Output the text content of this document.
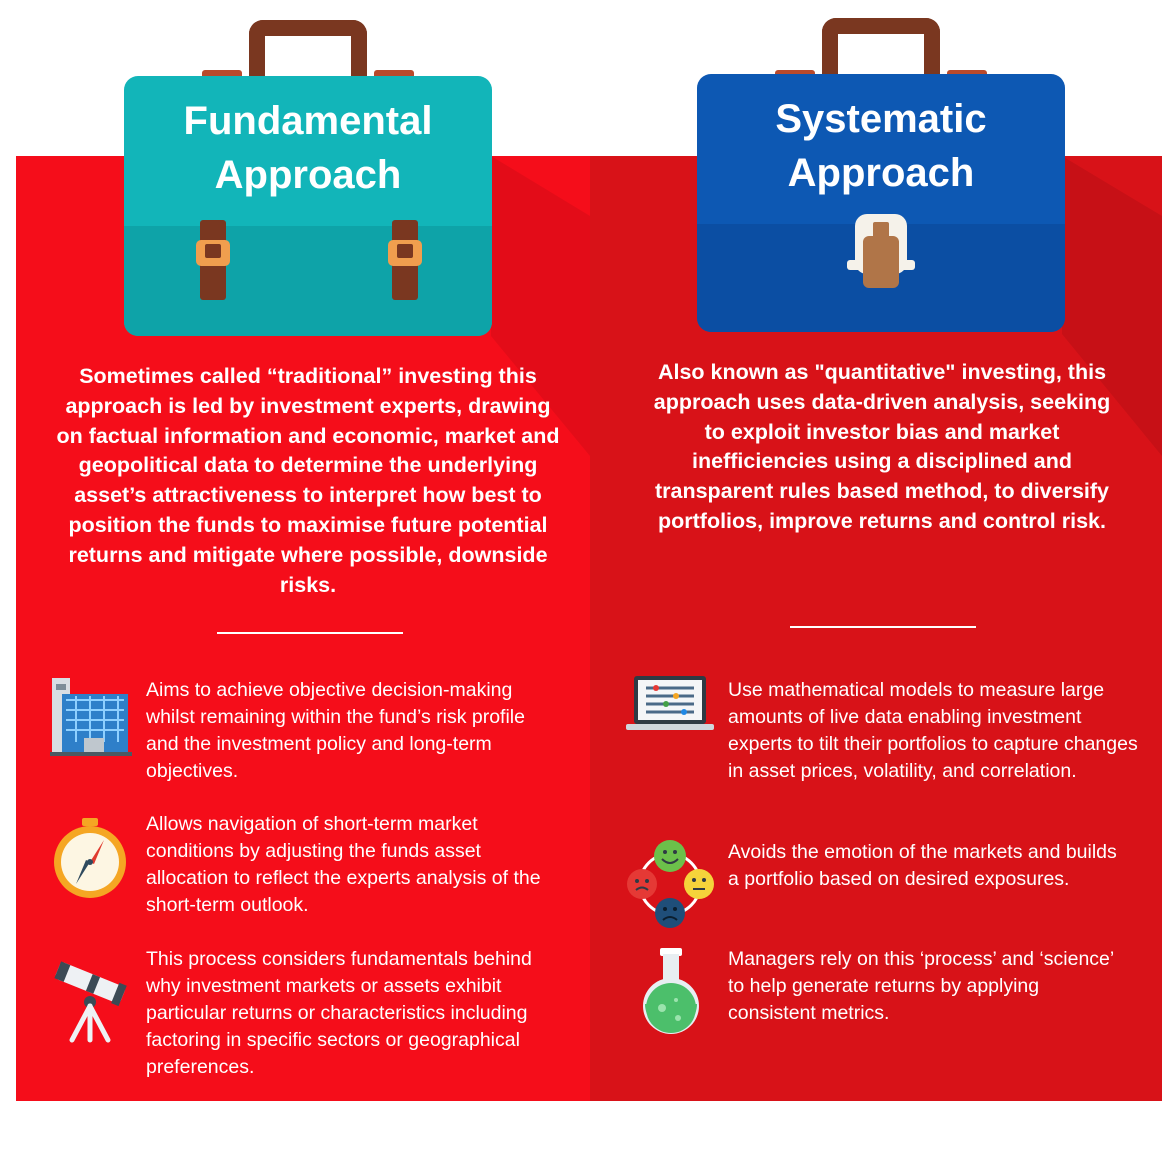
Fundamental
Approach

Sometimes called “traditional” investing this approach is led by investment experts, drawing on factual information and economic, market and geopolitical data to determine the underlying asset’s attractiveness to interpret how best to position the funds to maximise future potential returns and mitigate where possible, downside risks.

Aims to achieve objective decision-making whilst remaining within the fund’s risk profile and the investment policy and long-term objectives.

Allows navigation of short-term market conditions by adjusting the funds asset allocation to reflect the experts analysis of the short-term outlook.

This process considers fundamentals behind why investment markets or assets exhibit particular returns or characteristics including factoring in specific sectors or geographical preferences.

Systematic
Approach

Also known as "quantitative" investing, this approach uses data-driven analysis, seeking to exploit investor bias and market inefficiencies using a disciplined and transparent rules based method, to diversify portfolios, improve returns and control risk.

Use mathematical models to measure large amounts of live data enabling investment experts to tilt their portfolios to capture changes in asset prices, volatility, and correlation.

Avoids the emotion of the markets and builds a portfolio based on desired exposures.

Managers rely on this ‘process’ and ‘science’ to help generate returns by applying consistent metrics.
